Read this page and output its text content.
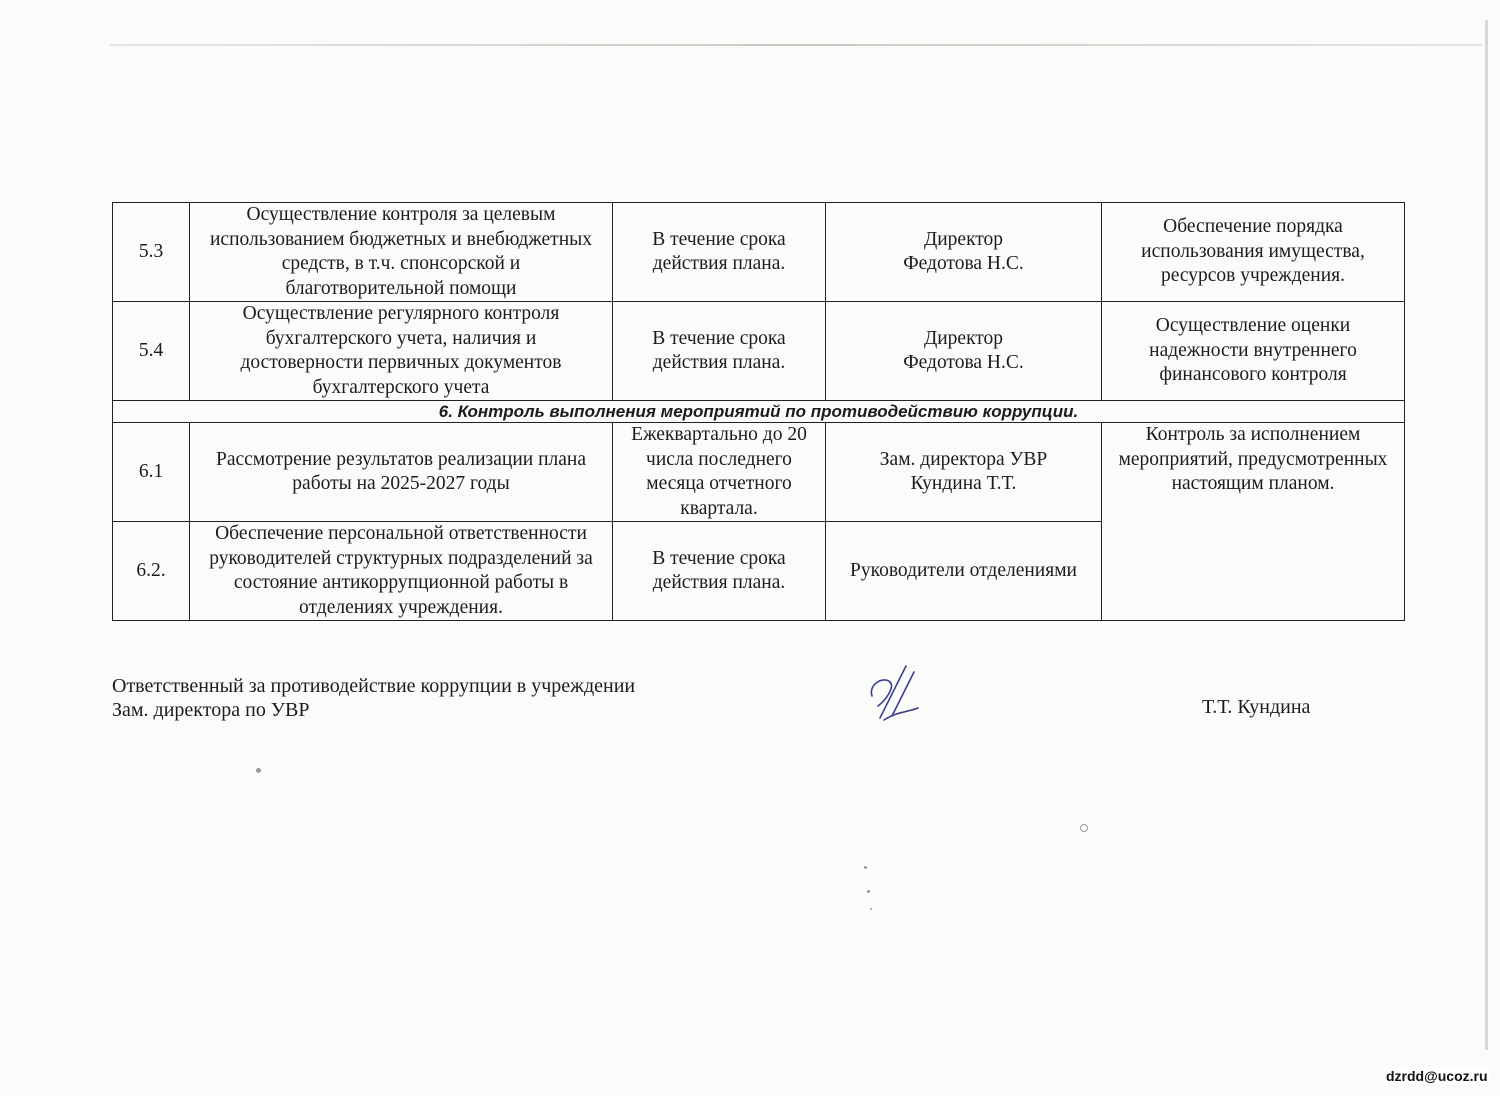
5.3	Осуществление контроля за целевым
использованием бюджетных и внебюджетных
средств, в т.ч. спонсорской и
благотворительной помощи	В течение срока
действия плана.	Директор
Федотова Н.С.	Обеспечение порядка
использования имущества,
ресурсов учреждения.
5.4	Осуществление регулярного контроля
бухгалтерского учета, наличия и
достоверности первичных документов
бухгалтерского учета	В течение срока
действия плана.	Директор
Федотова Н.С.	Осуществление оценки
надежности внутреннего
финансового контроля
6. Контроль выполнения мероприятий по противодействию коррупции.				
6.1	Рассмотрение результатов реализации плана
работы на 2025-2027 годы	Ежеквартально до 20
числа последнего
месяца отчетного
квартала.	Зам. директора УВР
Кундина Т.Т.	Контроль за исполнением
мероприятий, предусмотренных
настоящим планом.
6.2.	Обеспечение персональной ответственности
руководителей структурных подразделений за
состояние антикоррупционной работы в
отделениях учреждения.	В течение срока
действия плана.	Руководители отделениями	
Ответственный за противодействие коррупции в учреждении
Зам. директора по УВР	Т.Т. Кундина
dzrdd@ucoz.ru
